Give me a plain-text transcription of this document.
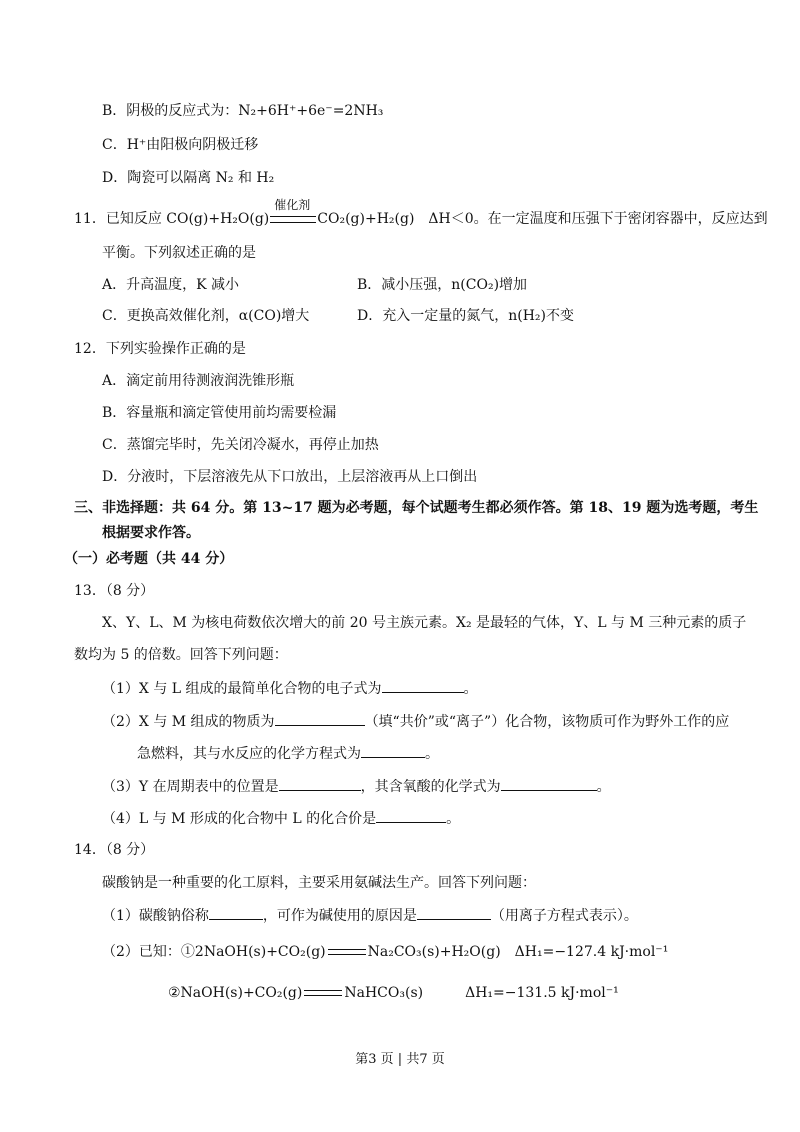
B．阴极的反应式为：N₂+6H⁺+6e⁻=2NH₃
C．H⁺由阳极向阴极迁移
D．陶瓷可以隔离 N₂ 和 H₂
11．已知反应 CO(g)+H₂O(g)
催化剂
CO₂(g)+H₂(g)　ΔH＜0。在一定温度和压强下于密闭容器中，反应达到
平衡。下列叙述正确的是
A．升高温度，K 减小	B．减小压强，n(CO₂)增加
C．更换高效催化剂，α(CO)增大	D．充入一定量的氮气，n(H₂)不变
12．下列实验操作正确的是
A．滴定前用待测液润洗锥形瓶
B．容量瓶和滴定管使用前均需要检漏
C．蒸馏完毕时，先关闭冷凝水，再停止加热
D．分液时，下层溶液先从下口放出，上层溶液再从上口倒出
三、非选择题：共 64 分。第 13~17 题为必考题，每个试题考生都必须作答。第 18、19 题为选考题，考生
根据要求作答。
（一）必考题（共 44 分）
13．（8 分）
X、Y、L、M 为核电荷数依次增大的前 20 号主族元素。X₂ 是最轻的气体，Y、L 与 M 三种元素的质子
数均为 5 的倍数。回答下列问题：
（1）X 与 L 组成的最简单化合物的电子式为	。
（2）X 与 M 组成的物质为	（填“共价”或“离子”）化合物，该物质可作为野外工作的应
急燃料，其与水反应的化学方程式为	。
（3）Y 在周期表中的位置是	，其含氧酸的化学式为	。
（4）L 与 M 形成的化合物中 L 的化合价是	。
14．（8 分）
碳酸钠是一种重要的化工原料，主要采用氨碱法生产。回答下列问题：
（1）碳酸钠俗称	，可作为碱使用的原因是	（用离子方程式表示）。
（2）已知：①2NaOH(s)+CO₂(g)	Na₂CO₃(s)+H₂O(g)　ΔH₁=−127.4 kJ·mol⁻¹
②NaOH(s)+CO₂(g)	NaHCO₃(s)　　　ΔH₁=−131.5 kJ·mol⁻¹
第3 页 | 共7 页
